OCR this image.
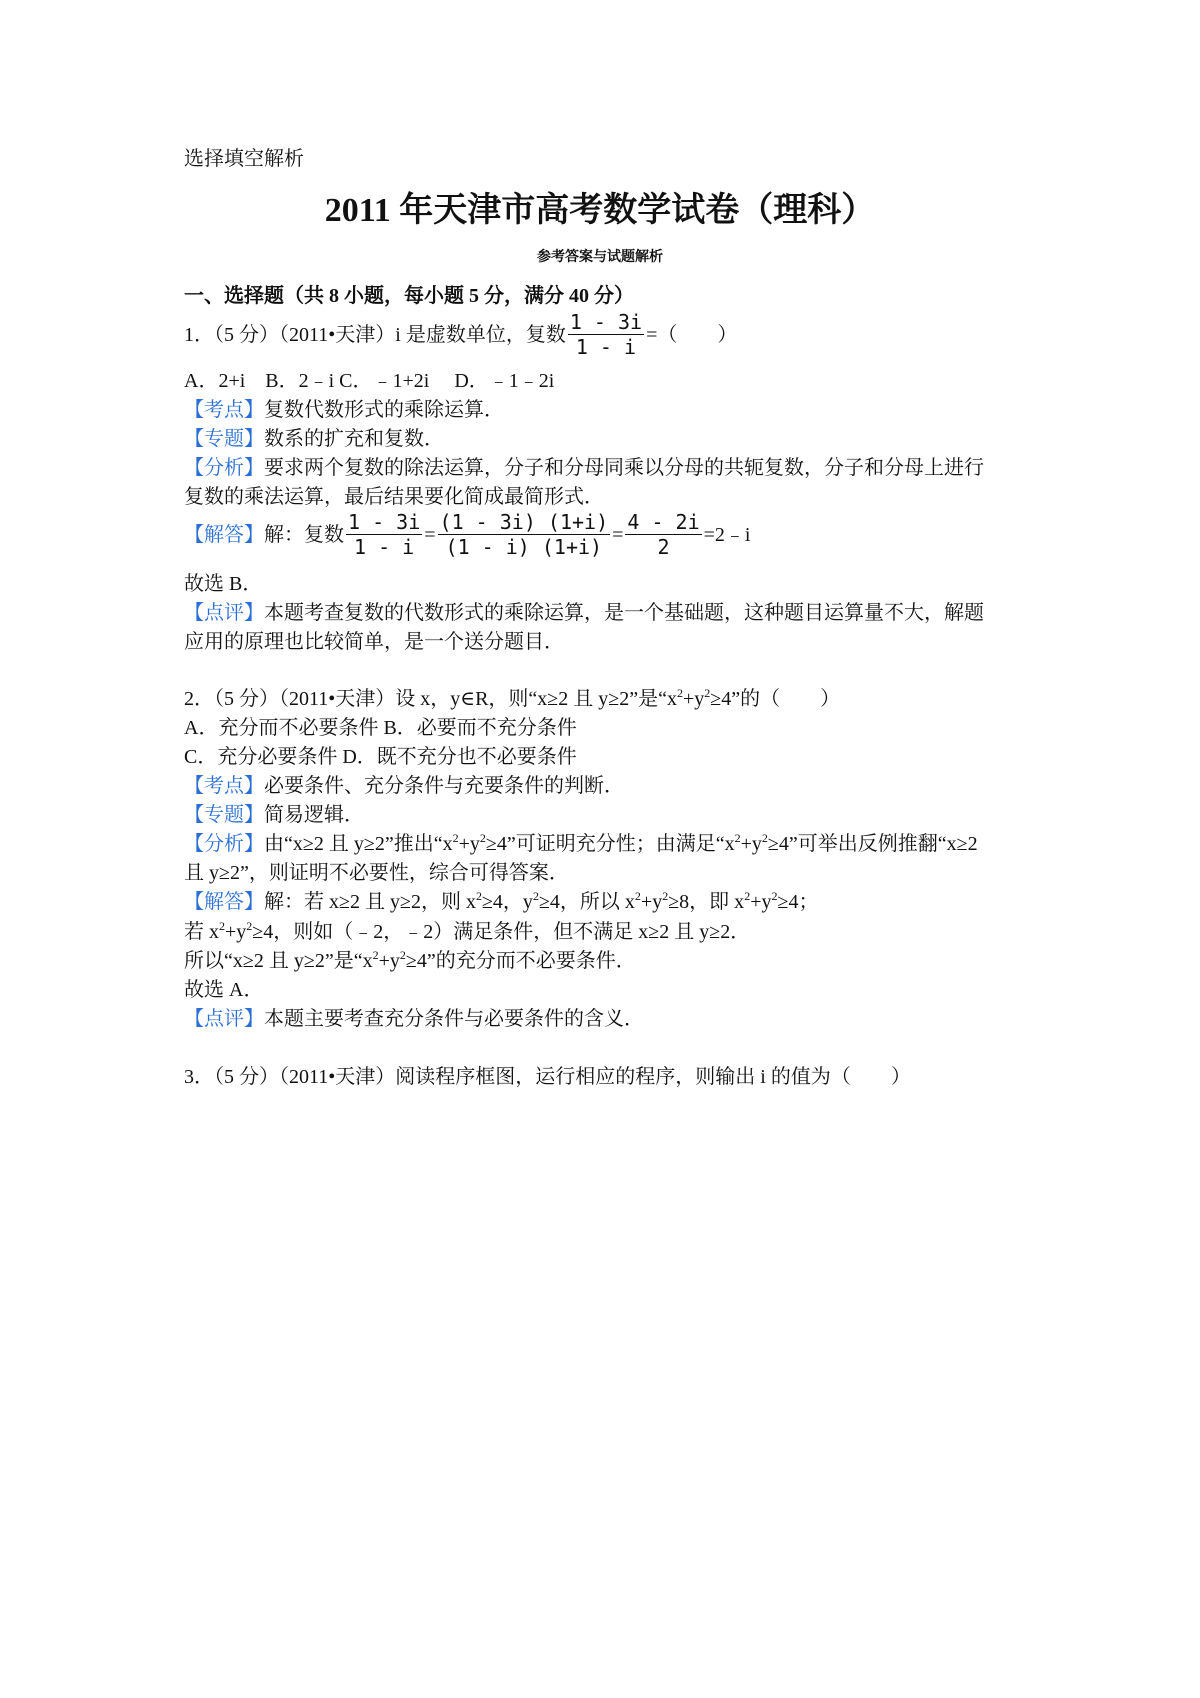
选择填空解析
2011 年天津市高考数学试卷（理科）
参考答案与试题解析
一、选择题（共 8 小题，每小题 5 分，满分 40 分）
1．（5 分）（2011•天津）i 是虚数单位，复数 $\frac{1 - 3i}{1 - i}$ =（　　）
A．2+i　B．2﹣i C．﹣1+2i　 D．﹣1﹣2i
【考点】复数代数形式的乘除运算．
【专题】数系的扩充和复数．
【分析】要求两个复数的除法运算，分子和分母同乘以分母的共轭复数，分子和分母上进行
复数的乘法运算，最后结果要化简成最简形式．
【解答】 解：复数 $\frac{1 - 3i}{1 - i} = \frac{(1 - 3i) (1+i)}{(1 - i) (1+i)} = \frac{4 - 2i}{2}$ =2﹣i
故选 B．
【点评】本题考查复数的代数形式的乘除运算，是一个基础题，这种题目运算量不大，解题
应用的原理也比较简单，是一个送分题目．
2．（5 分）（2011•天津）设 x，y∈R，则“x≥2 且 y≥2”是“$x^2+y^2\ge 4$”的（　　）
A．充分而不必要条件 B．必要而不充分条件
C．充分必要条件 D．既不充分也不必要条件
【考点】必要条件、充分条件与充要条件的判断．
【专题】简易逻辑．
【分析】由“x≥2 且 y≥2”推出“$x^2+y^2\ge 4$”可证明充分性；由满足“$x^2+y^2\ge 4$”可举出反例推翻“x≥2
且 y≥2”，则证明不必要性，综合可得答案．
【解答】解：若 x≥2 且 y≥2，则 $x^2\ge 4$，$y^2\ge 4$，所以 $x^2+y^2\ge 8$，即 $x^2+y^2\ge 4$；
若 $x^2+y^2\ge 4$，则如（﹣2，﹣2）满足条件，但不满足 x≥2 且 y≥2．
所以“x≥2 且 y≥2”是“$x^2+y^2\ge 4$”的充分而不必要条件．
故选 A．
【点评】本题主要考查充分条件与必要条件的含义．
3．（5 分）（2011•天津）阅读程序框图，运行相应的程序，则输出 i 的值为（　　）
